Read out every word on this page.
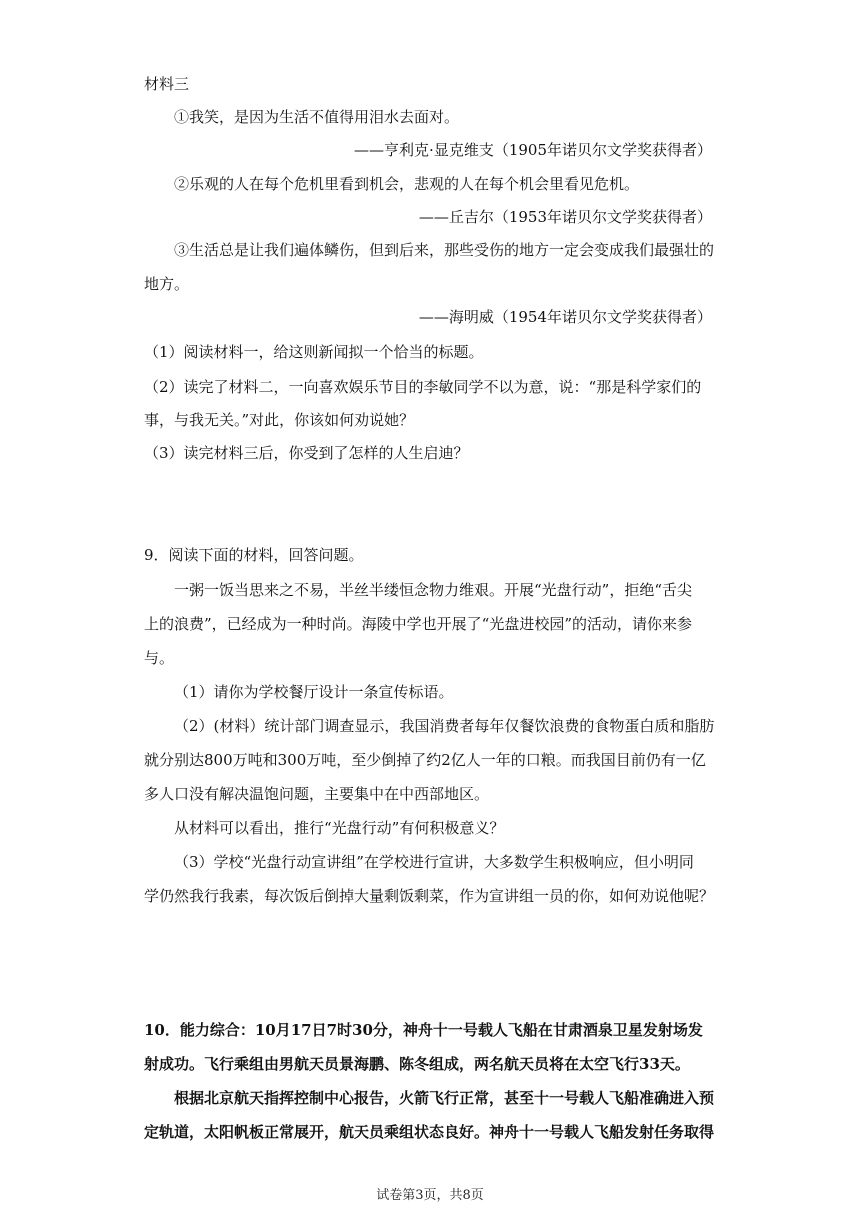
材料三
①我笑，是因为生活不值得用泪水去面对。
——亨利克·显克维支（1905年诺贝尔文学奖获得者）
②乐观的人在每个危机里看到机会，悲观的人在每个机会里看见危机。
——丘吉尔（1953年诺贝尔文学奖获得者）
③生活总是让我们遍体鳞伤，但到后来，那些受伤的地方一定会变成我们最强壮的
地方。
——海明威（1954年诺贝尔文学奖获得者）
（1）阅读材料一，给这则新闻拟一个恰当的标题。
（2）读完了材料二，一向喜欢娱乐节目的李敏同学不以为意，说：“那是科学家们的
事，与我无关。”对此，你该如何劝说她？
（3）读完材料三后，你受到了怎样的人生启迪？
9．阅读下面的材料，回答问题。
一粥一饭当思来之不易，半丝半缕恒念物力维艰。开展“光盘行动”，拒绝“舌尖
上的浪费”，已经成为一种时尚。海陵中学也开展了“光盘进校园”的活动，请你来参
与。
（1）请你为学校餐厅设计一条宣传标语。
（2）(材料）统计部门调查显示，我国消费者每年仅餐饮浪费的食物蛋白质和脂肪
就分别达800万吨和300万吨，至少倒掉了约2亿人一年的口粮。而我国目前仍有一亿
多人口没有解决温饱问题，主要集中在中西部地区。
从材料可以看出，推行“光盘行动”有何积极意义？
（3）学校“光盘行动宣讲组”在学校进行宣讲，大多数学生积极响应，但小明同
学仍然我行我素，每次饭后倒掉大量剩饭剩菜，作为宣讲组一员的你，如何劝说他呢？
10．能力综合：10月17日7时30分，神舟十一号载人飞船在甘肃酒泉卫星发射场发
射成功。飞行乘组由男航天员景海鹏、陈冬组成，两名航天员将在太空飞行33天。
根据北京航天指挥控制中心报告，火箭飞行正常，甚至十一号载人飞船准确进入预
定轨道，太阳帆板正常展开，航天员乘组状态良好。神舟十一号载人飞船发射任务取得
试卷第3页，共8页
